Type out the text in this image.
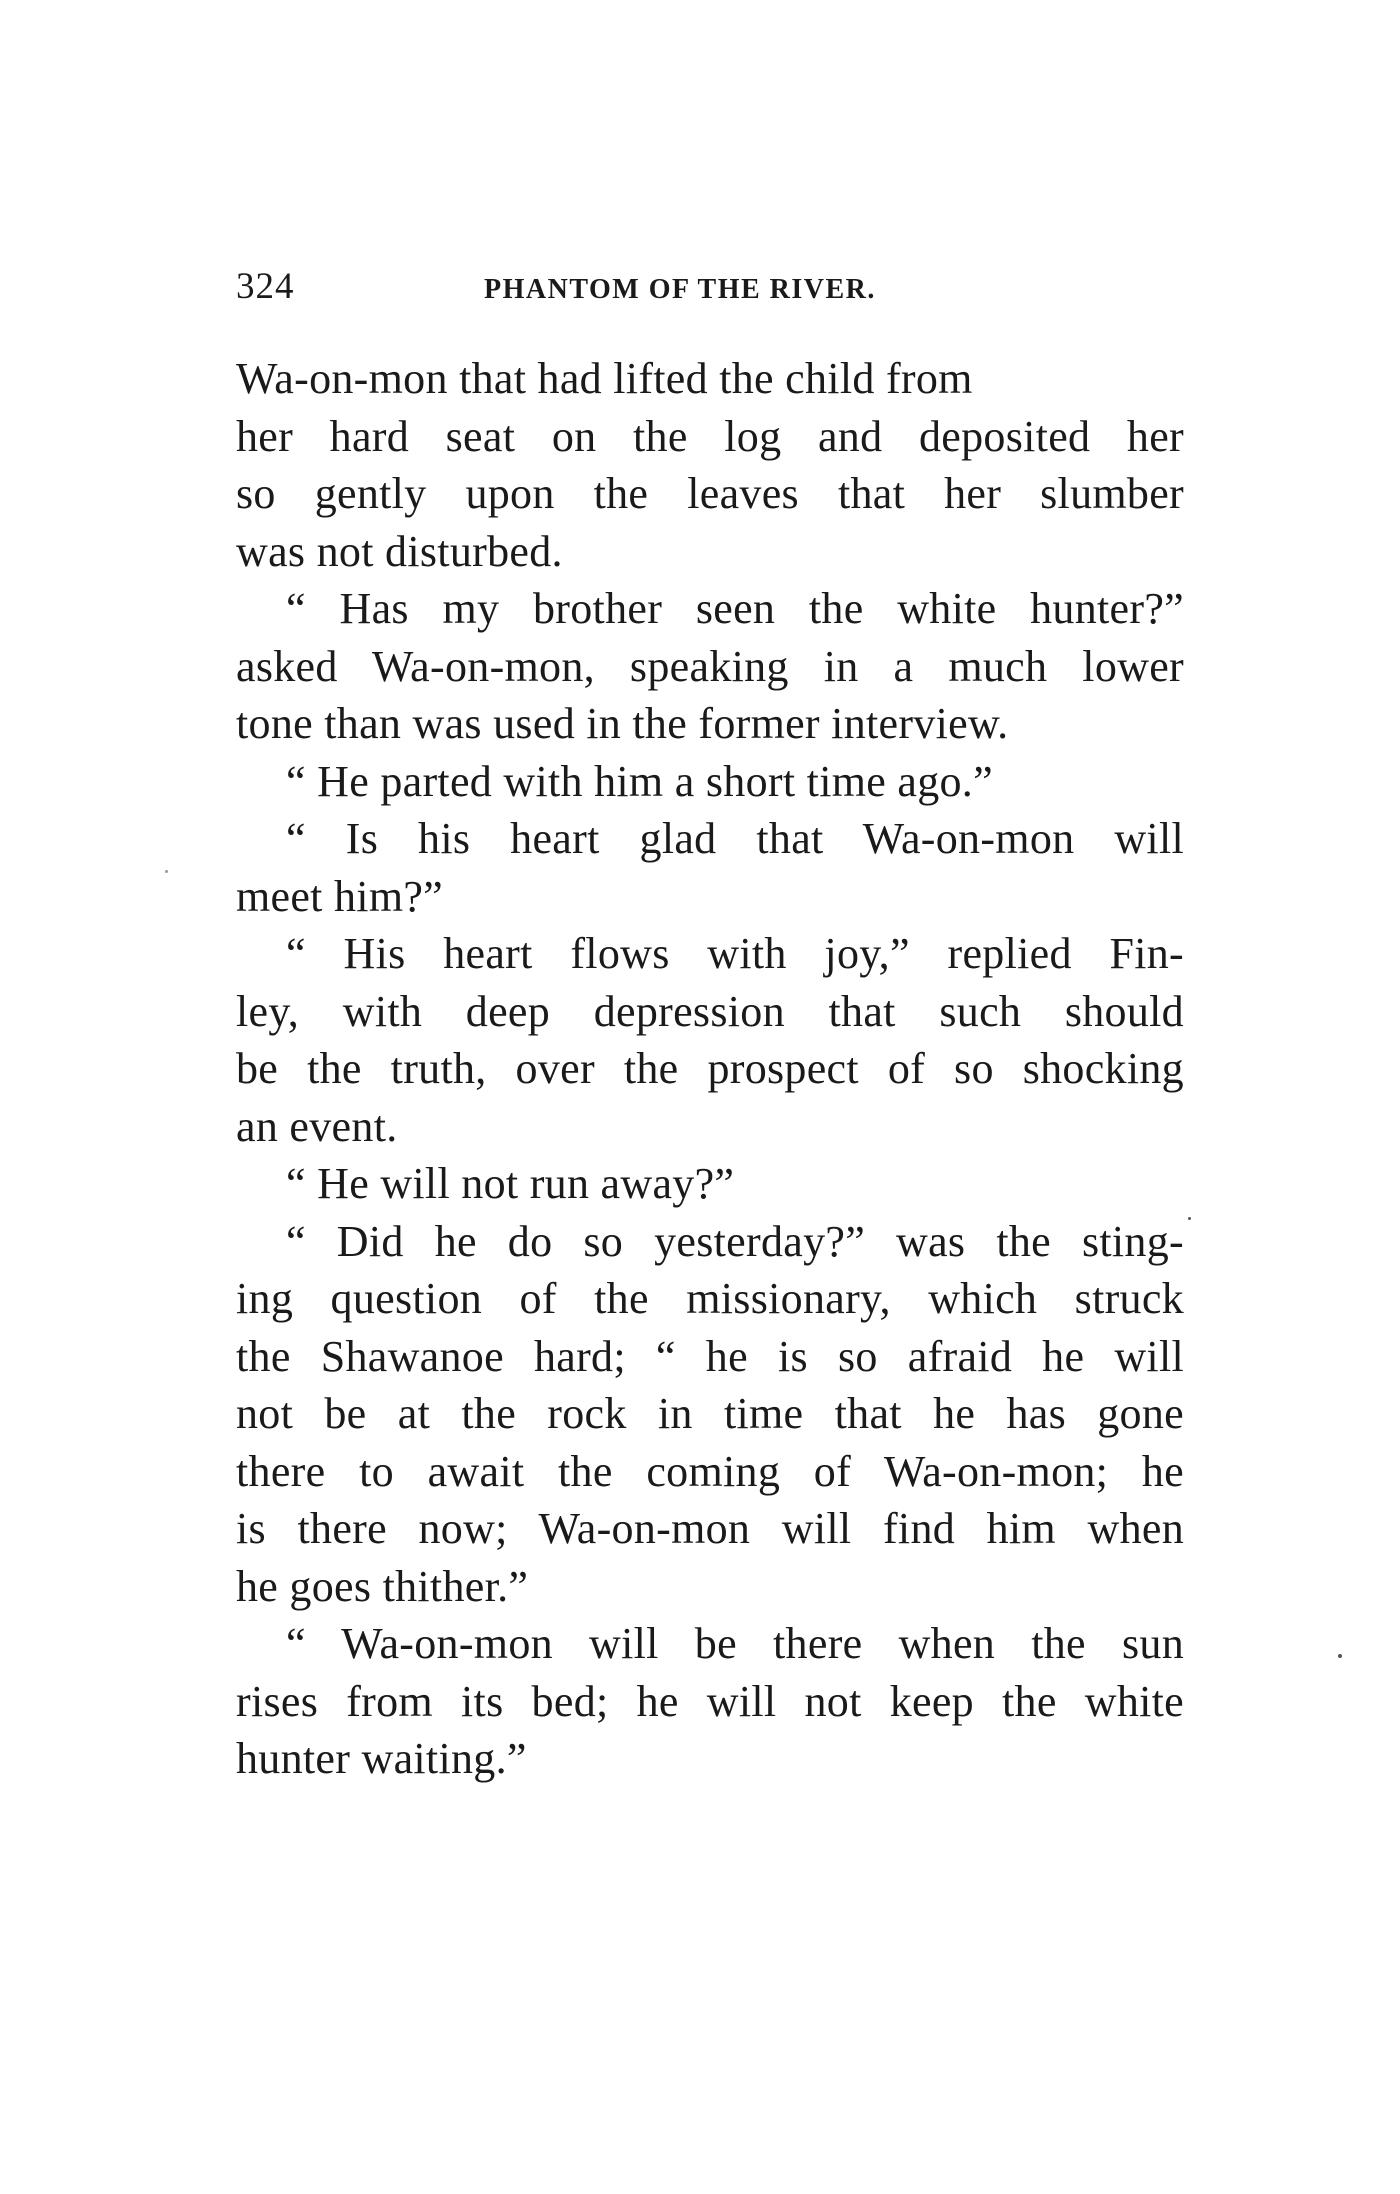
324	PHANTOM OF THE RIVER.
Wa-on-mon that had lifted the child from
her hard seat on the log and deposited her
so gently upon the leaves that her slumber
was not disturbed.
“ Has my brother seen the white hunter?”
asked Wa-on-mon, speaking in a much lower
tone than was used in the former interview.
“ He parted with him a short time ago.”
“ Is his heart glad that Wa-on-mon will
meet him?”
“ His heart flows with joy,” replied Fin-
ley, with deep depression that such should
be the truth, over the prospect of so shocking
an event.
“ He will not run away?”
“ Did he do so yesterday?” was the sting-
ing question of the missionary, which struck
the Shawanoe hard; “ he is so afraid he will
not be at the rock in time that he has gone
there to await the coming of Wa-on-mon; he
is there now; Wa-on-mon will find him when
he goes thither.”
“ Wa-on-mon will be there when the sun
rises from its bed; he will not keep the white
hunter waiting.”
